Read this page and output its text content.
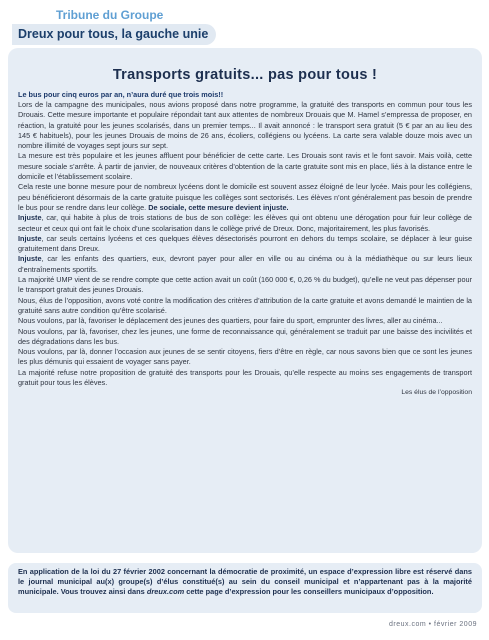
Tribune du Groupe
Dreux pour tous, la gauche unie
Transports gratuits... pas pour tous !
Le bus pour cinq euros par an, n’aura duré que trois mois!!

Lors de la campagne des municipales, nous avions proposé dans notre programme, la gratuité des transports en commun pour tous les Drouais. Cette mesure importante et populaire répondait tant aux attentes de nombreux Drouais que M. Hamel s’empressa de proposer, en réaction, la gratuité pour les jeunes scolarisés, dans un premier temps... Il avait annoncé : le transport sera gratuit (5 € par an au lieu des 145 € habituels), pour les jeunes Drouais de moins de 26 ans, écoliers, collégiens ou lycéens. La carte sera valable douze mois avec un nombre illimité de voyages sept jours sur sept.

La mesure est très populaire et les jeunes affluent pour bénéficier de cette carte. Les Drouais sont ravis et le font savoir. Mais voilà, cette mesure sociale s’arrête. À partir de janvier, de nouveaux critères d’obtention de la carte gratuite sont mis en place, liés à la distance entre le domicile et l’établissement scolaire.

Cela reste une bonne mesure pour de nombreux lycéens dont le domicile est souvent assez éloigné de leur lycée. Mais pour les collégiens, peu bénéficieront désormais de la carte gratuite puisque les collèges sont sectorisés. Les élèves n’ont généralement pas besoin de prendre le bus pour se rendre dans leur collège. De sociale, cette mesure devient injuste.

Injuste, car, qui habite à plus de trois stations de bus de son collège: les élèves qui ont obtenu une dérogation pour fuir leur collège de secteur et ceux qui ont fait le choix d’une scolarisation dans le collège privé de Dreux. Donc, majoritairement, les plus favorisés.

Injuste, car seuls certains lycéens et ces quelques élèves désectorisés pourront en dehors du temps scolaire, se déplacer à leur guise gratuitement dans Dreux.

Injuste, car les enfants des quartiers, eux, devront payer pour aller en ville ou au cinéma ou à la médiathèque ou sur leurs lieux d’entraînements sportifs.

La majorité UMP vient de se rendre compte que cette action avait un coût (160 000 €, 0,26 % du budget), qu’elle ne veut pas dépenser pour le transport gratuit des jeunes Drouais.

Nous, élus de l’opposition, avons voté contre la modification des critères d’attribution de la carte gratuite et avons demandé le maintien de la gratuité sans autre condition qu’être scolarisé.

Nous voulons, par là, favoriser le déplacement des jeunes des quartiers, pour faire du sport, emprunter des livres, aller au cinéma...

Nous voulons, par là, favoriser, chez les jeunes, une forme de reconnaissance qui, généralement se traduit par une baisse des incivilités et des dégradations dans les bus.

Nous voulons, par là, donner l’occasion aux jeunes de se sentir citoyens, fiers d’être en règle, car nous savons bien que ce sont les jeunes les plus démunis qui essaient de voyager sans payer.

La majorité refuse notre proposition de gratuité des transports pour les Drouais, qu’elle respecte au moins ses engagements de transport gratuit pour tous les élèves.

Les élus de l’opposition
En application de la loi du 27 février 2002 concernant la démocratie de proximité, un espace d’expression libre est réservé dans le journal municipal au(x) groupe(s) d’élus constitué(s) au sein du conseil municipal et n’appartenant pas à la majorité municipale. Vous trouvez ainsi dans dreux.com cette page d’expression pour les conseillers municipaux d’opposition.
dreux.com • février 2009
